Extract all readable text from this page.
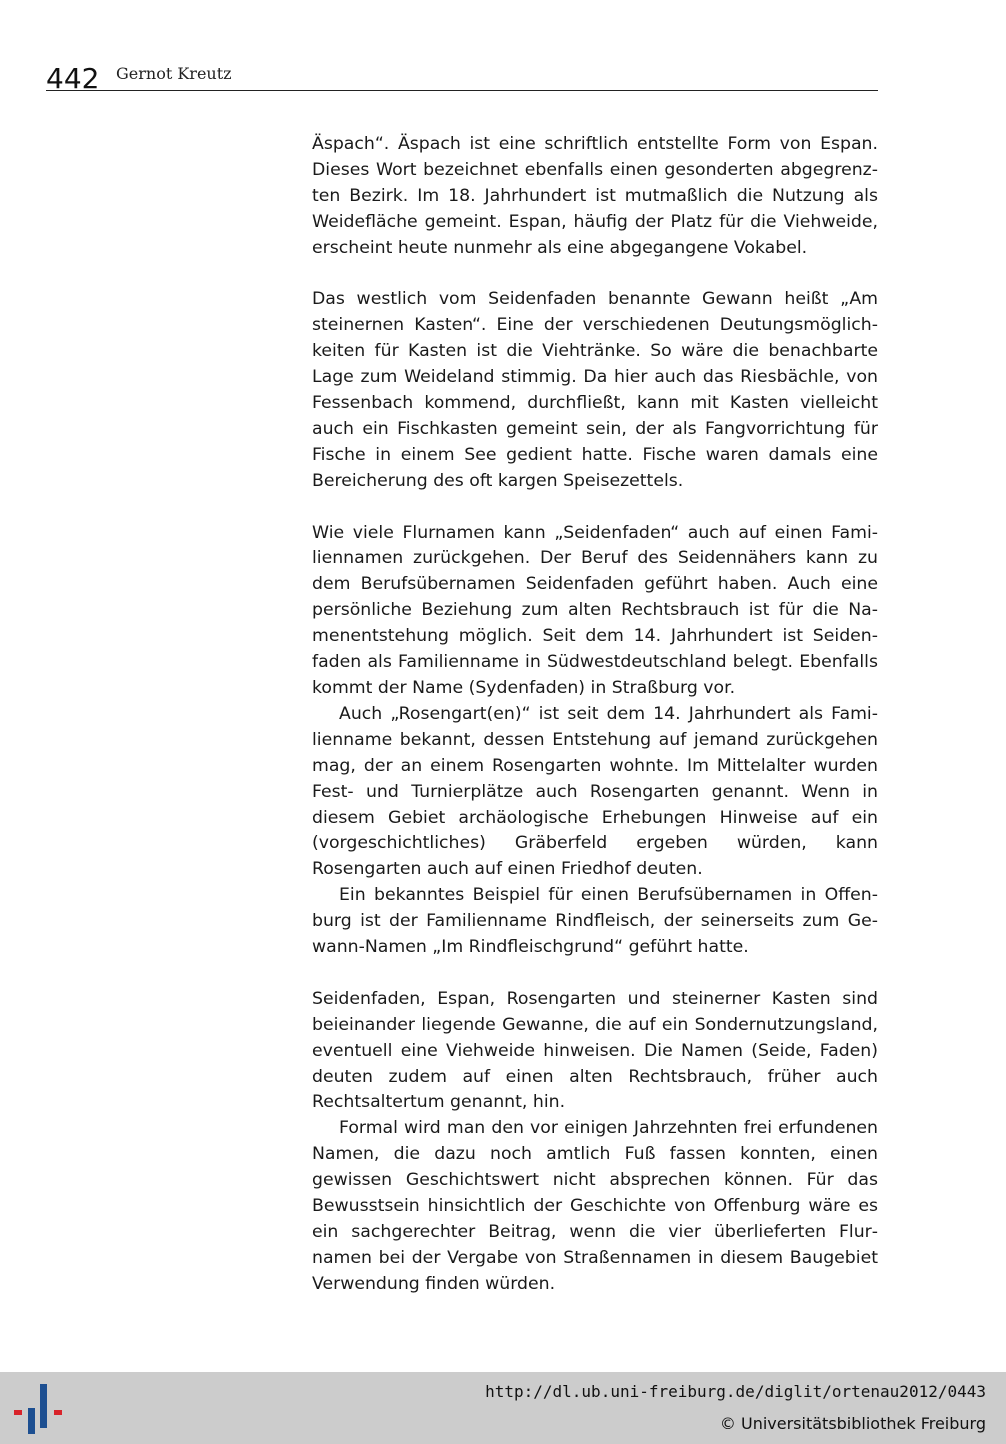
442 Gernot Kreutz

Äspach“. Äspach ist eine schriftlich entstellte Form von Espan. Dieses Wort bezeichnet ebenfalls einen gesonderten abgegrenzten Bezirk. Im 18. Jahrhundert ist mutmaßlich die Nutzung als Weidefläche gemeint. Espan, häufig der Platz für die Viehweide, erscheint heute nunmehr als eine abgegangene Vokabel.

Das westlich vom Seidenfaden benannte Gewann heißt „Am steinernen Kasten“. Eine der verschiedenen Deutungsmöglichkeiten für Kasten ist die Viehtränke. So wäre die benachbarte Lage zum Weideland stimmig. Da hier auch das Riesbächle, von Fessenbach kommend, durchfließt, kann mit Kasten vielleicht auch ein Fischkasten gemeint sein, der als Fangvorrichtung für Fische in einem See gedient hatte. Fische waren damals eine Bereicherung des oft kargen Speisezettels.

Wie viele Flurnamen kann „Seidenfaden“ auch auf einen Familiennamen zurückgehen. Der Beruf des Seidennähers kann zu dem Berufsübernamen Seidenfaden geführt haben. Auch eine persönliche Beziehung zum alten Rechtsbrauch ist für die Namenentstehung möglich. Seit dem 14. Jahrhundert ist Seidenfaden als Familienname in Südwestdeutschland belegt. Ebenfalls kommt der Name (Sydenfaden) in Straßburg vor.

Auch „Rosengart(en)“ ist seit dem 14. Jahrhundert als Familienname bekannt, dessen Entstehung auf jemand zurückgehen mag, der an einem Rosengarten wohnte. Im Mittelalter wurden Fest- und Turnierplätze auch Rosengarten genannt. Wenn in diesem Gebiet archäologische Erhebungen Hinweise auf ein (vorgeschichtliches) Gräberfeld ergeben würden, kann Rosengarten auch auf einen Friedhof deuten.

Ein bekanntes Beispiel für einen Berufsübernamen in Offenburg ist der Familienname Rindfleisch, der seinerseits zum Gewann-Namen „Im Rindfleischgrund“ geführt hatte.

Seidenfaden, Espan, Rosengarten und steinerner Kasten sind beieinander liegende Gewanne, die auf ein Sondernutzungsland, eventuell eine Viehweide hinweisen. Die Namen (Seide, Faden) deuten zudem auf einen alten Rechtsbrauch, früher auch Rechtsaltertum genannt, hin.

Formal wird man den vor einigen Jahrzehnten frei erfundenen Namen, die dazu noch amtlich Fuß fassen konnten, einen gewissen Geschichtswert nicht absprechen können. Für das Bewusstsein hinsichtlich der Geschichte von Offenburg wäre es ein sachgerechter Beitrag, wenn die vier überlieferten Flurnamen bei der Vergabe von Straßennamen in diesem Baugebiet Verwendung finden würden.

http://dl.ub.uni-freiburg.de/diglit/ortenau2012/0443
© Universitätsbibliothek Freiburg
